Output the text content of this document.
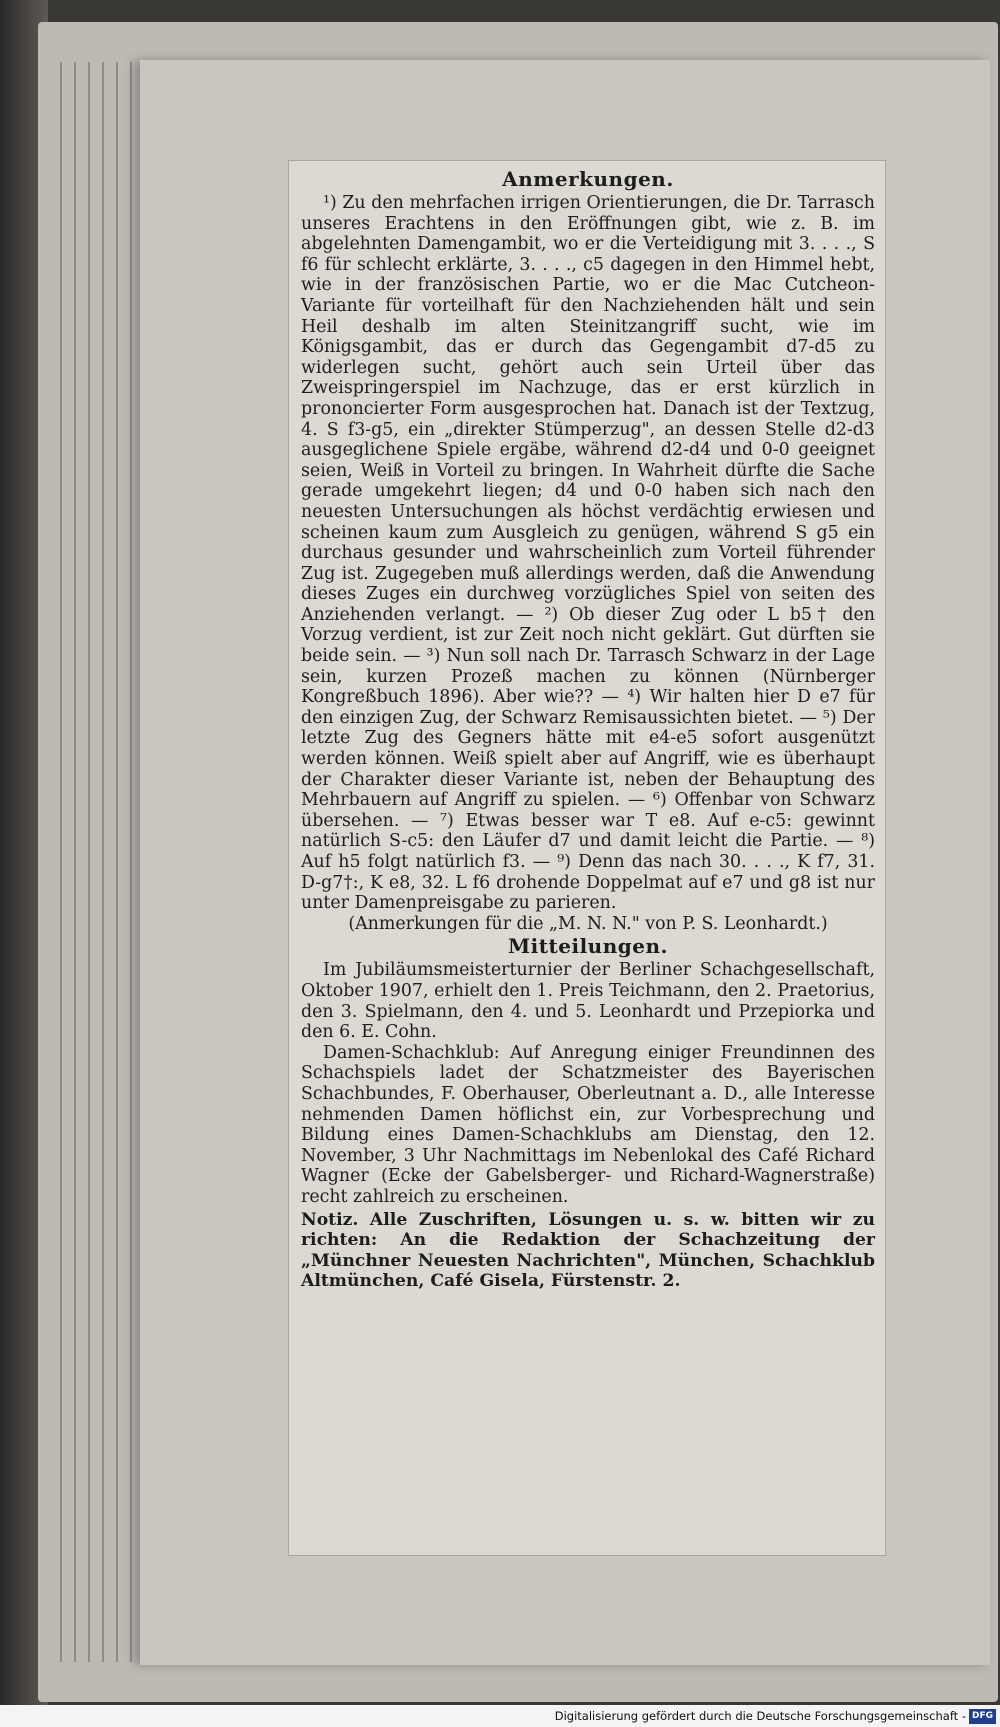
Anmerkungen.

¹) Zu den mehrfachen irrigen Orientierungen, die Dr. Tarrasch unseres Erachtens in den Eröffnungen gibt, wie z. B. im abgelehnten Damengambit, wo er die Verteidigung mit 3. . . ., S f6 für schlecht erklärte, 3. . . ., c5 dagegen in den Himmel hebt, wie in der französischen Partie, wo er die Mac Cutcheon-Variante für vorteilhaft für den Nachziehenden hält und sein Heil deshalb im alten Steinitzangriff sucht, wie im Königsgambit, das er durch das Gegengambit d7-d5 zu widerlegen sucht, gehört auch sein Urteil über das Zweispringerspiel im Nachzuge, das er erst kürzlich in prononcierter Form ausgesprochen hat. Danach ist der Textzug, 4. S f3-g5, ein „direkter Stümperzug", an dessen Stelle d2-d3 ausgeglichene Spiele ergäbe, während d2-d4 und 0-0 geeignet seien, Weiß in Vorteil zu bringen. In Wahrheit dürfte die Sache gerade umgekehrt liegen; d4 und 0-0 haben sich nach den neuesten Untersuchungen als höchst verdächtig erwiesen und scheinen kaum zum Ausgleich zu genügen, während S g5 ein durchaus gesunder und wahrscheinlich zum Vorteil führender Zug ist. Zugegeben muß allerdings werden, daß die Anwendung dieses Zuges ein durchweg vorzügliches Spiel von seiten des Anziehenden verlangt. — ²) Ob dieser Zug oder L b5† den Vorzug verdient, ist zur Zeit noch nicht geklärt. Gut dürften sie beide sein. — ³) Nun soll nach Dr. Tarrasch Schwarz in der Lage sein, kurzen Prozeß machen zu können (Nürnberger Kongreßbuch 1896). Aber wie?? — ⁴) Wir halten hier D e7 für den einzigen Zug, der Schwarz Remisaussichten bietet. — ⁵) Der letzte Zug des Gegners hätte mit e4-e5 sofort ausgenützt werden können. Weiß spielt aber auf Angriff, wie es überhaupt der Charakter dieser Variante ist, neben der Behauptung des Mehrbauern auf Angriff zu spielen. — ⁶) Offenbar von Schwarz übersehen. — ⁷) Etwas besser war T e8. Auf e-c5: gewinnt natürlich S-c5: den Läufer d7 und damit leicht die Partie. — ⁸) Auf h5 folgt natürlich f3. — ⁹) Denn das nach 30. . . ., K f7, 31. D-g7†:, K e8, 32. L f6 drohende Doppelmat auf e7 und g8 ist nur unter Damenpreisgabe zu parieren.

(Anmerkungen für die „M. N. N." von P. S. Leonhardt.)

Mitteilungen.

Im Jubiläumsmeisterturnier der Berliner Schachgesellschaft, Oktober 1907, erhielt den 1. Preis Teichmann, den 2. Praetorius, den 3. Spielmann, den 4. und 5. Leonhardt und Przepiorka und den 6. E. Cohn.

Damen-Schachklub: Auf Anregung einiger Freundinnen des Schachspiels ladet der Schatzmeister des Bayerischen Schachbundes, F. Oberhauser, Oberleutnant a. D., alle Interesse nehmenden Damen höflichst ein, zur Vorbesprechung und Bildung eines Damen-Schachklubs am Dienstag, den 12. November, 3 Uhr Nachmittags im Nebenlokal des Café Richard Wagner (Ecke der Gabelsberger- und Richard-Wagnerstraße) recht zahlreich zu erscheinen.

Notiz. Alle Zuschriften, Lösungen u. s. w. bitten wir zu richten: An die Redaktion der Schachzeitung der „Münchner Neuesten Nachrichten", München, Schachklub Altmünchen, Café Gisela, Fürstenstr. 2.

Digitalisierung gefördert durch die Deutsche Forschungsgemeinschaft - DFG
